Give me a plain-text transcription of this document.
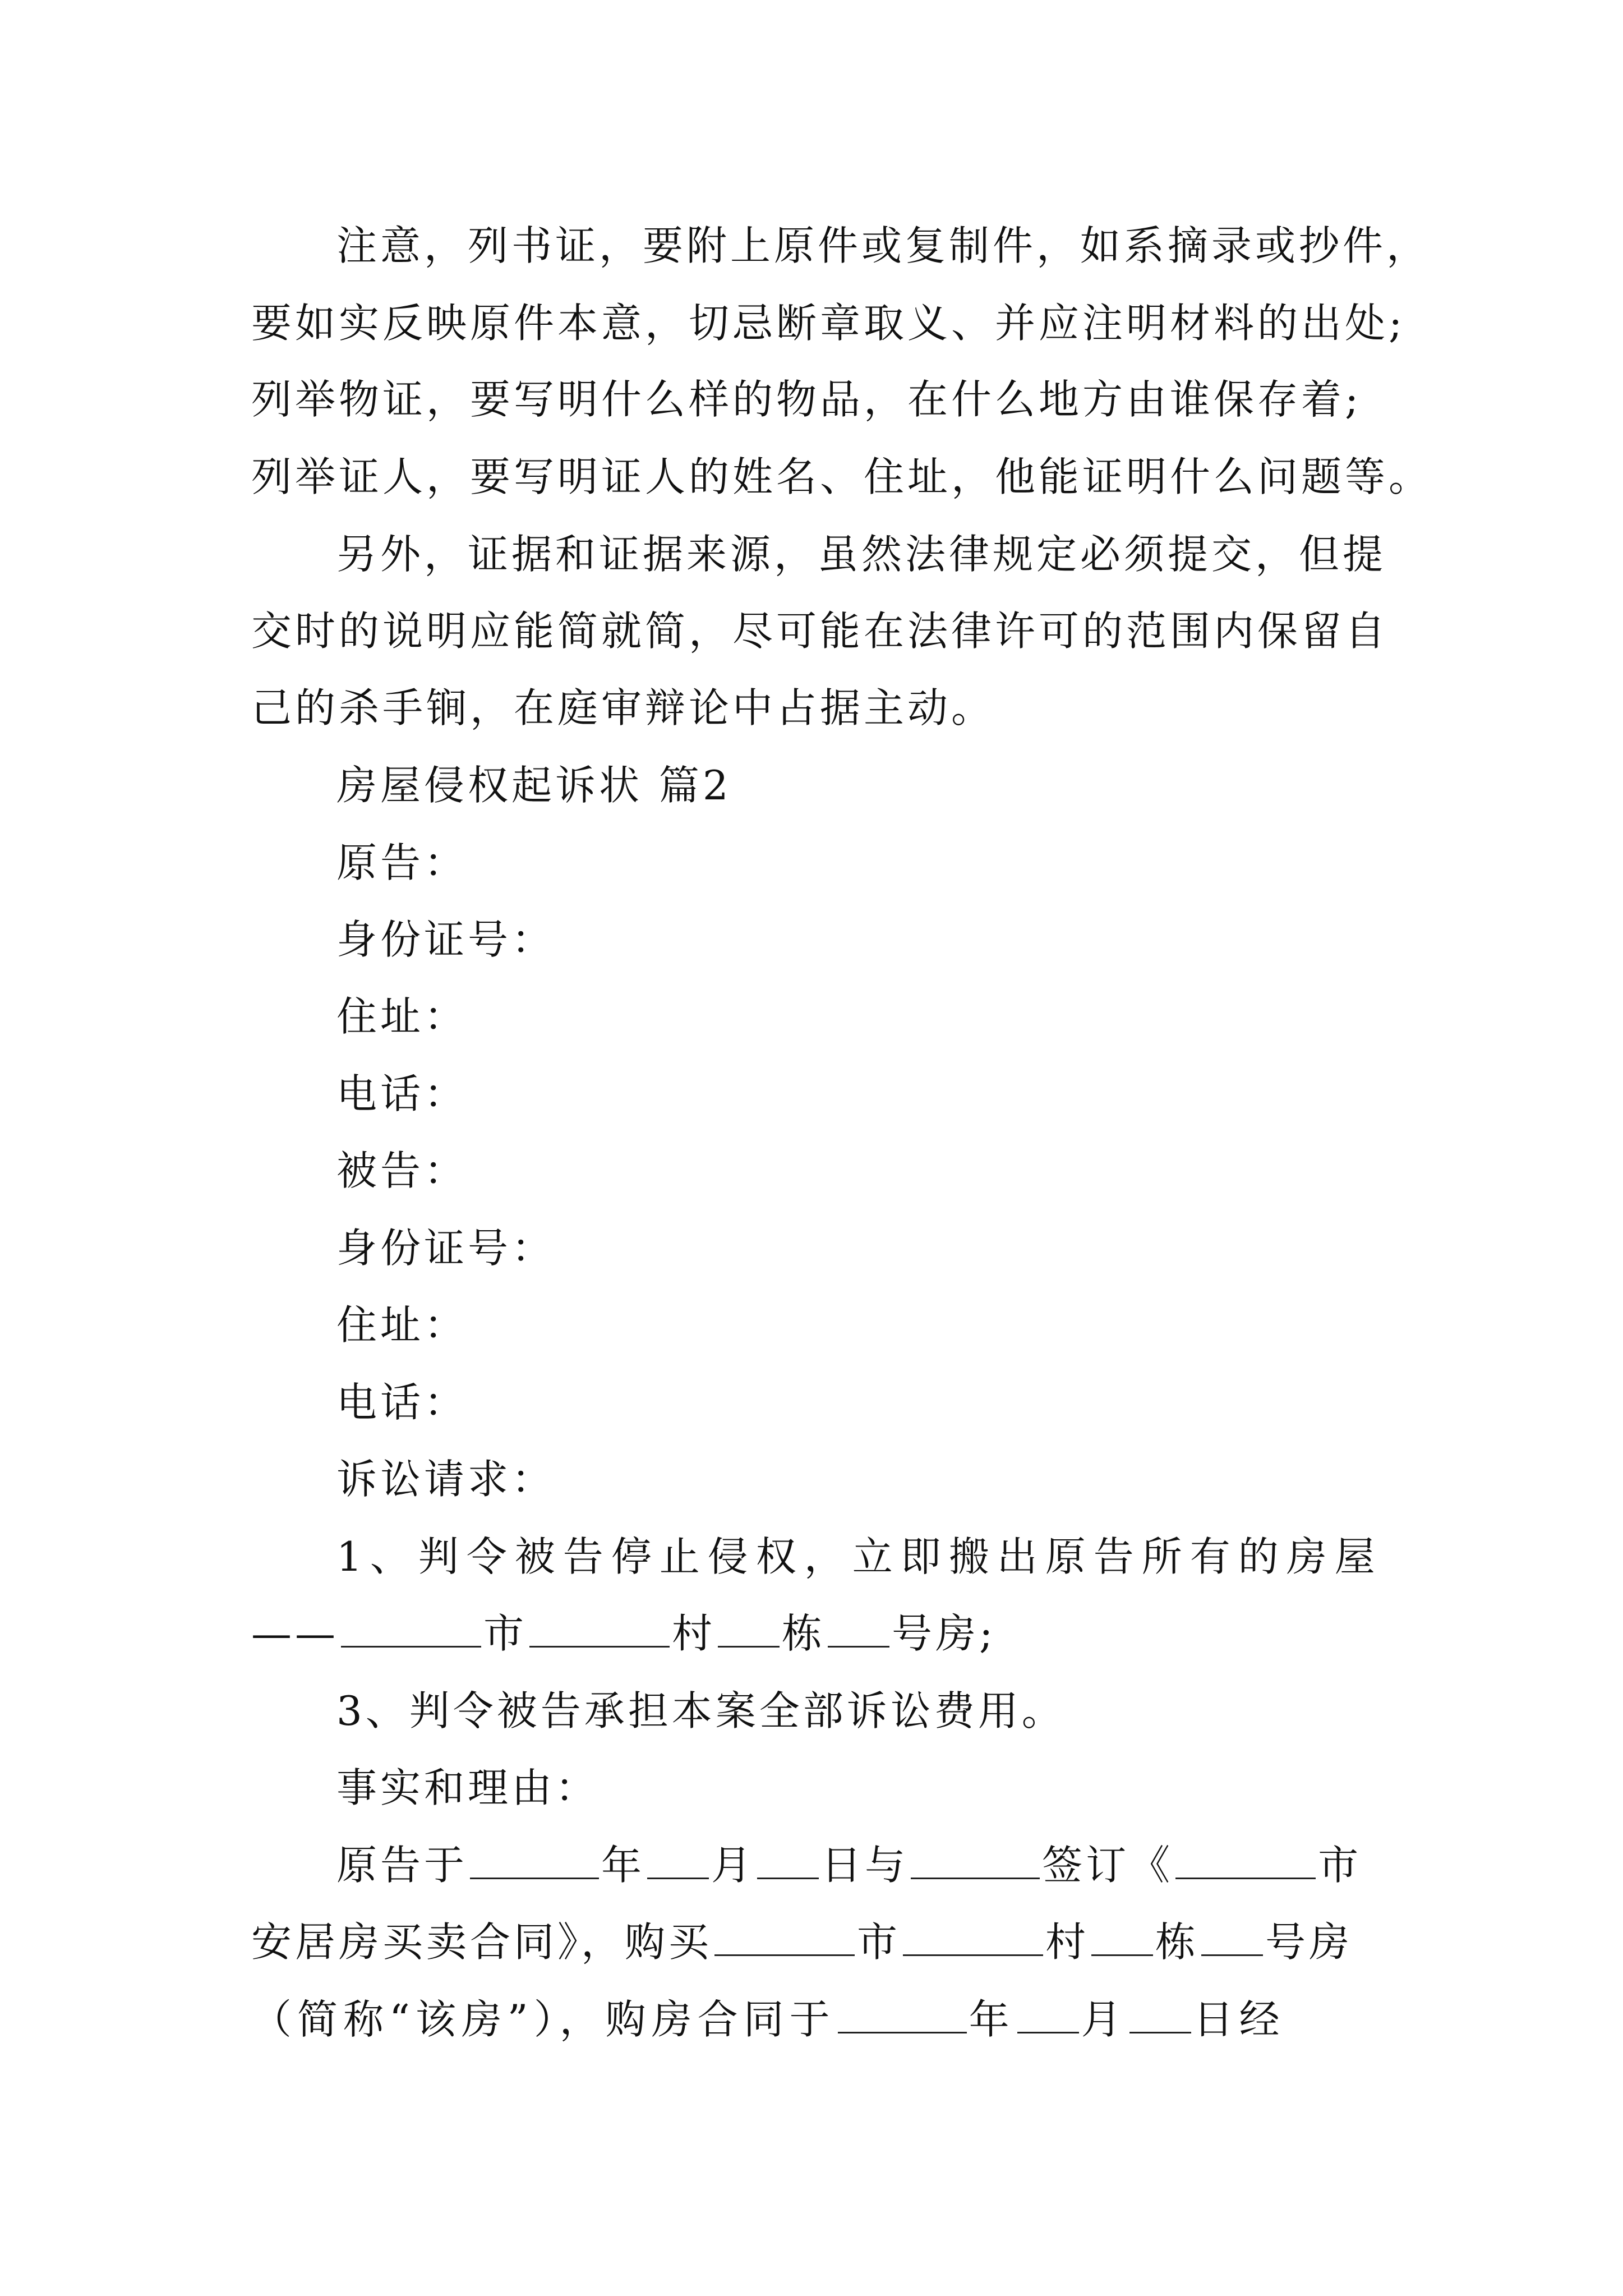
注意，列书证，要附上原件或复制件，如系摘录或抄件，
要如实反映原件本意，切忌断章取义、并应注明材料的出处;
列举物证，要写明什么样的物品，在什么地方由谁保存着;
列举证人，要写明证人的姓名、住址，他能证明什么问题等。
另外，证据和证据来源，虽然法律规定必须提交，但提
交时的说明应能简就简，尽可能在法律许可的范围内保留自
己的杀手锏，在庭审辩论中占据主动。
房屋侵权起诉状 篇2
原告：
身份证号：
住址：
电话：
被告：
身份证号：
住址：
电话：
诉讼请求：
1、判令被告停止侵权，立即搬出原告所有的房屋
——	市	村 栋 号房;
3、判令被告承担本案全部诉讼费用。
事实和理由：
原告于	年 月 日与	签订《	市
安居房买卖合同》，购买	市	村 栋 号房
（简称“该房”），购房合同于	年 月 日经
